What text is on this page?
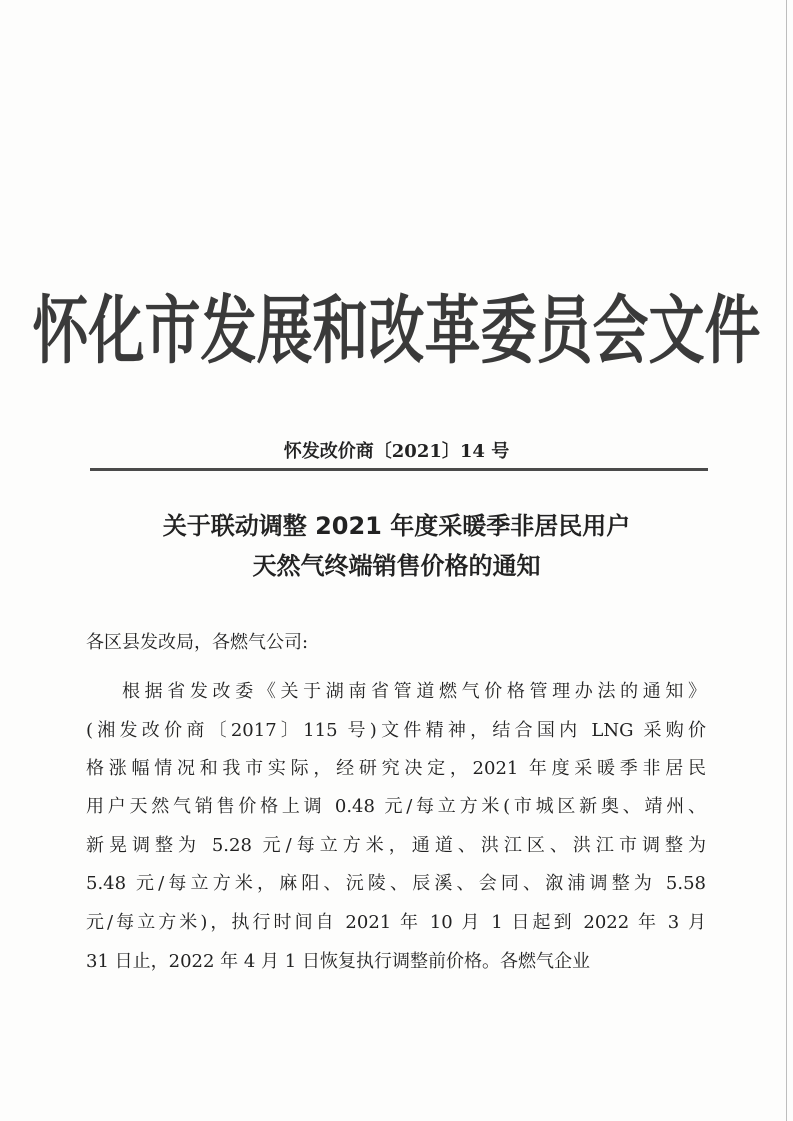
怀化市发展和改革委员会文件
怀发改价商〔2021〕14 号
关于联动调整 2021 年度采暖季非居民用户
天然气终端销售价格的通知
各区县发改局，各燃气公司:
根据省发改委《关于湖南省管道燃气价格管理办法的通知》
(湘发改价商〔2017〕115 号)文件精神，结合国内 LNG 采购价
格涨幅情况和我市实际，经研究决定，2021 年度采暖季非居民
用户天然气销售价格上调 0.48 元/每立方米(市城区新奥、靖州、
新晃调整为 5.28 元/每立方米，通道、洪江区、洪江市调整为
5.48 元/每立方米，麻阳、沅陵、辰溪、会同、溆浦调整为 5.58
元/每立方米)，执行时间自 2021 年 10 月 1 日起到 2022 年 3 月
31 日止，2022 年 4 月 1 日恢复执行调整前价格。各燃气企业
